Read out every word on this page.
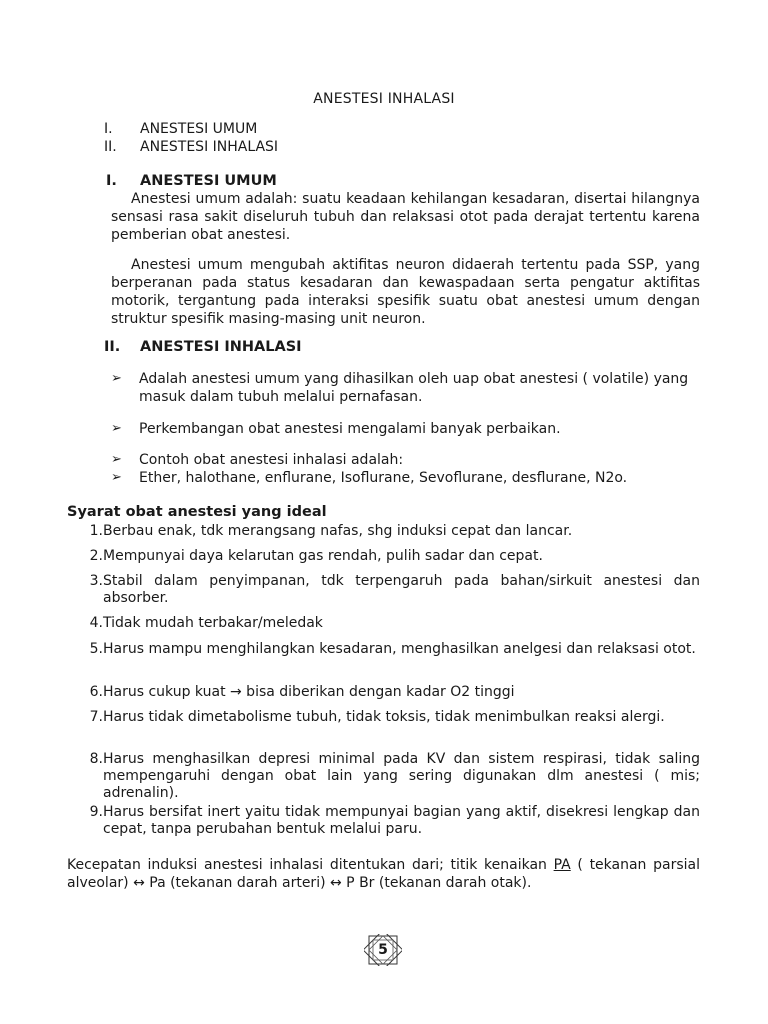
ANESTESI INHALASI
I.	ANESTESI UMUM
II.	ANESTESI INHALASI
I.	ANESTESI UMUM
Anestesi umum adalah: suatu keadaan kehilangan kesadaran, disertai hilangnya sensasi rasa sakit diseluruh tubuh dan relaksasi otot pada derajat tertentu karena pemberian obat anestesi.
Anestesi umum mengubah aktifitas neuron didaerah tertentu pada SSP, yang berperanan pada status kesadaran dan kewaspadaan serta pengatur aktifitas motorik, tergantung pada interaksi spesifik suatu obat anestesi umum dengan struktur spesifik masing-masing unit neuron.
II.	ANESTESI INHALASI
➢	Adalah anestesi umum yang dihasilkan oleh uap obat anestesi ( volatile) yang masuk dalam tubuh melalui pernafasan.
➢	Perkembangan obat anestesi mengalami banyak perbaikan.
➢	Contoh obat anestesi inhalasi adalah:
➢	Ether, halothane, enflurane, Isoflurane, Sevoflurane, desflurane, N2o.
Syarat obat anestesi yang ideal
1. Berbau enak, tdk merangsang nafas, shg induksi cepat dan lancar.
2. Mempunyai daya kelarutan gas rendah, pulih sadar dan cepat.
3. Stabil dalam penyimpanan, tdk terpengaruh pada bahan/sirkuit anestesi dan absorber.
4. Tidak mudah terbakar/meledak
5. Harus mampu menghilangkan kesadaran, menghasilkan anelgesi dan relaksasi otot.
6. Harus cukup kuat → bisa diberikan dengan kadar O2 tinggi
7. Harus tidak dimetabolisme tubuh, tidak toksis, tidak menimbulkan reaksi alergi.
8. Harus menghasilkan depresi minimal pada KV dan sistem respirasi, tidak saling mempengaruhi dengan obat lain yang sering digunakan dlm anestesi ( mis; adrenalin).
9. Harus bersifat inert yaitu tidak mempunyai bagian yang aktif, disekresi lengkap dan cepat, tanpa perubahan bentuk melalui paru.
Kecepatan induksi anestesi inhalasi ditentukan dari; titik kenaikan PA ( tekanan parsial alveolar) ↔ Pa (tekanan darah arteri) ↔ P Br (tekanan darah otak).
5
